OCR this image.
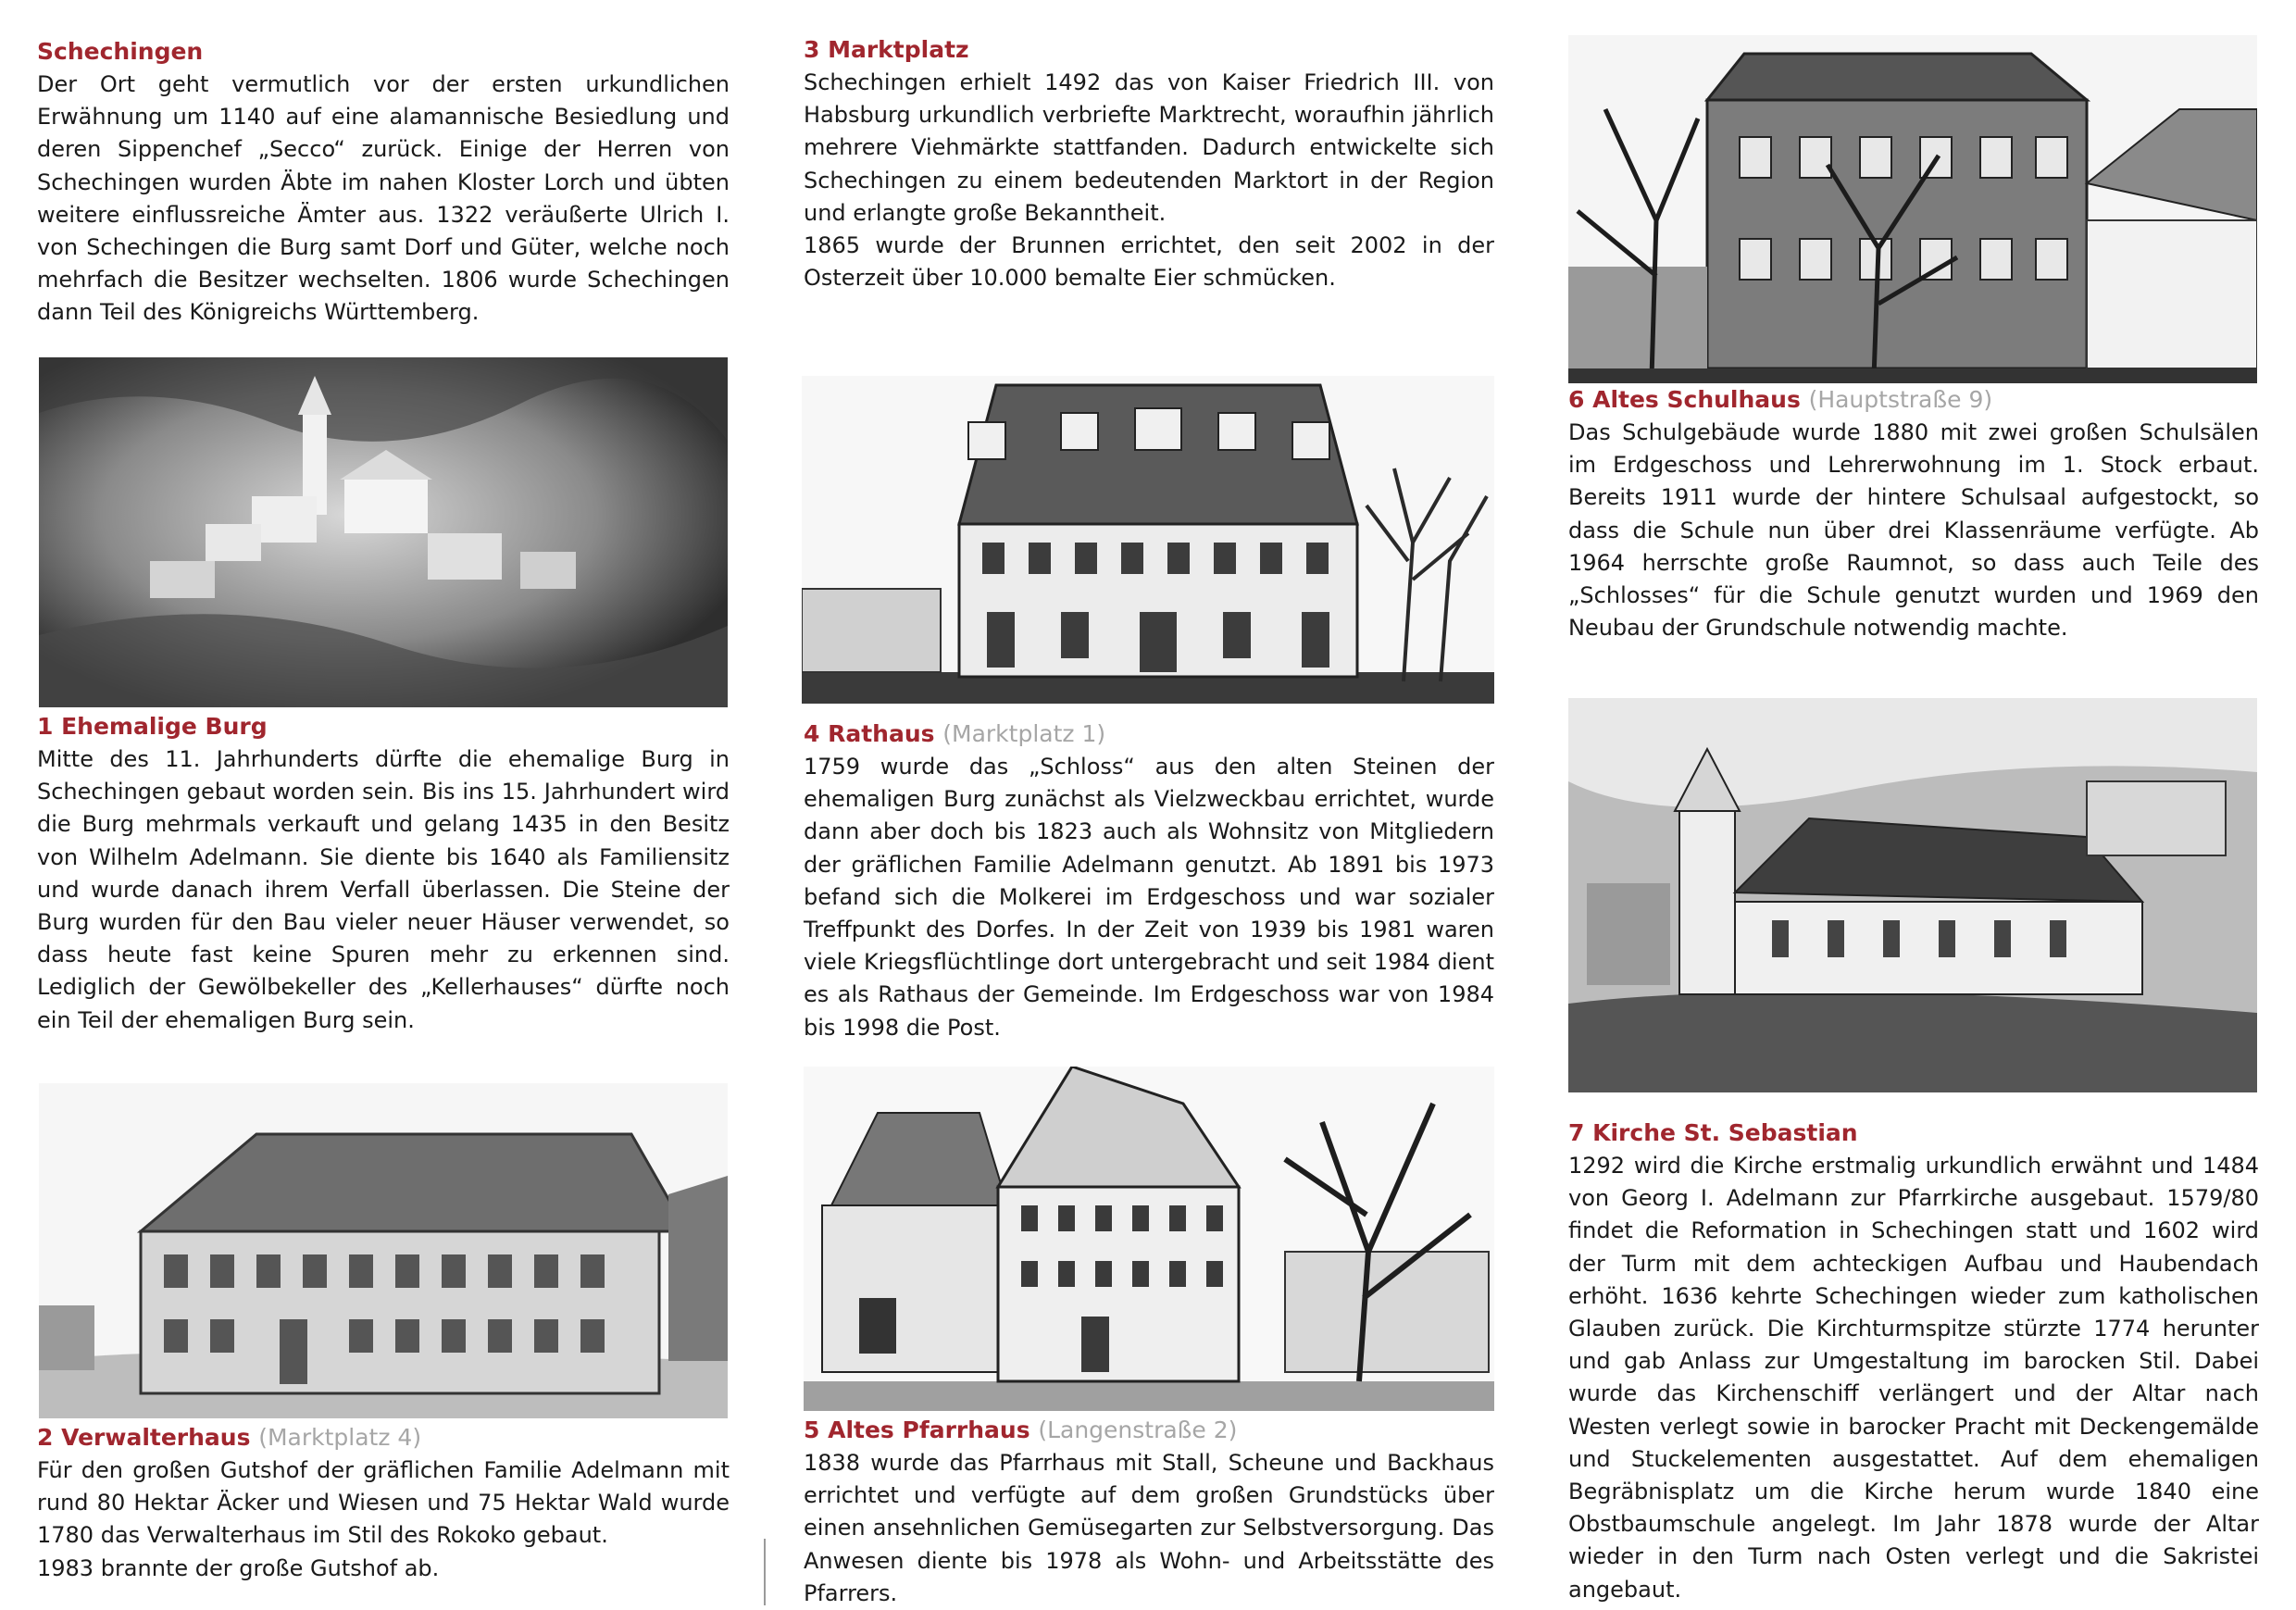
Schechingen
Der Ort geht vermutlich vor der ersten urkundlichen Erwähnung um 1140 auf eine alamannische Besiedlung und deren Sippenchef „Secco“ zurück. Einige der Herren von Schechingen wurden Äbte im nahen Kloster Lorch und übten weitere einflussreiche Ämter aus. 1322 veräußerte Ulrich I. von Schechingen die Burg samt Dorf und Güter, welche noch mehrfach die Besitzer wechselten. 1806 wurde Schechingen dann Teil des Königreichs Württemberg.
1 Ehemalige Burg
Mitte des 11. Jahrhunderts dürfte die ehemalige Burg in Schechingen gebaut worden sein. Bis ins 15. Jahrhundert wird die Burg mehrmals verkauft und gelang 1435 in den Besitz von Wilhelm Adelmann. Sie diente bis 1640 als Familiensitz und wurde danach ihrem Verfall überlassen. Die Steine der Burg wurden für den Bau vieler neuer Häuser verwendet, so dass heute fast keine Spuren mehr zu erkennen sind. Lediglich der Gewölbekeller des „Kellerhauses“ dürfte noch ein Teil der ehemaligen Burg sein.
2 Verwalterhaus (Marktplatz 4)

Für den großen Gutshof der gräflichen Familie Adelmann mit rund 80 Hektar Äcker und Wiesen und 75 Hektar Wald wurde 1780 das Verwalterhaus im Stil des Rokoko gebaut.

1983 brannte der große Gutshof ab.

3 Marktplatz

Schechingen erhielt 1492 das von Kaiser Friedrich III. von Habsburg urkundlich verbriefte Marktrecht, woraufhin jährlich mehrere Viehmärkte stattfanden. Dadurch entwickelte sich Schechingen zu einem bedeutenden Marktort in der Region und erlangte große Bekanntheit.

1865 wurde der Brunnen errichtet, den seit 2002 in der Osterzeit über 10.000 bemalte Eier schmücken.

4 Rathaus (Marktplatz 1)
1759 wurde das „Schloss“ aus den alten Steinen der ehemaligen Burg zunächst als Vielzweckbau errichtet, wurde dann aber doch bis 1823 auch als Wohnsitz von Mitgliedern der gräflichen Familie Adelmann genutzt. Ab 1891 bis 1973 befand sich die Molkerei im Erdgeschoss und war sozialer Treffpunkt des Dorfes. In der Zeit von 1939 bis 1981 waren viele Kriegsflüchtlinge dort untergebracht und seit 1984 dient es als Rathaus der Gemeinde. Im Erdgeschoss war von 1984 bis 1998 die Post.
5 Altes Pfarrhaus (Langenstraße 2)
1838 wurde das Pfarrhaus mit Stall, Scheune und Backhaus errichtet und verfügte auf dem großen Grundstücks über einen ansehnlichen Gemüsegarten zur Selbstversorgung. Das Anwesen diente bis 1978 als Wohn- und Arbeitsstätte des Pfarrers.
6 Altes Schulhaus (Hauptstraße 9)
Das Schulgebäude wurde 1880 mit zwei großen Schulsälen im Erdgeschoss und Lehrerwohnung im 1. Stock erbaut. Bereits 1911 wurde der hintere Schulsaal aufgestockt, so dass die Schule nun über drei Klassenräume verfügte. Ab 1964 herrschte große Raumnot, so dass auch Teile des „Schlosses“ für die Schule genutzt wurden und 1969 den Neubau der Grundschule notwendig machte.
7 Kirche St. Sebastian
1292 wird die Kirche erstmalig urkundlich erwähnt und 1484 von Georg I. Adelmann zur Pfarrkirche ausgebaut. 1579/80 findet die Reformation in Schechingen statt und 1602 wird der Turm mit dem achteckigen Aufbau und Haubendach erhöht. 1636 kehrte Schechingen wieder zum katholischen Glauben zurück. Die Kirchturmspitze stürzte 1774 herunter und gab Anlass zur Umgestaltung im barocken Stil. Dabei wurde das Kirchenschiff verlängert und der Altar nach Westen verlegt sowie in barocker Pracht mit Deckengemälde und Stuckelementen ausgestattet. Auf dem ehemaligen Begräbnisplatz um die Kirche herum wurde 1840 eine Obstbaumschule angelegt. Im Jahr 1878 wurde der Altar wieder in den Turm nach Osten verlegt und die Sakristei angebaut.
